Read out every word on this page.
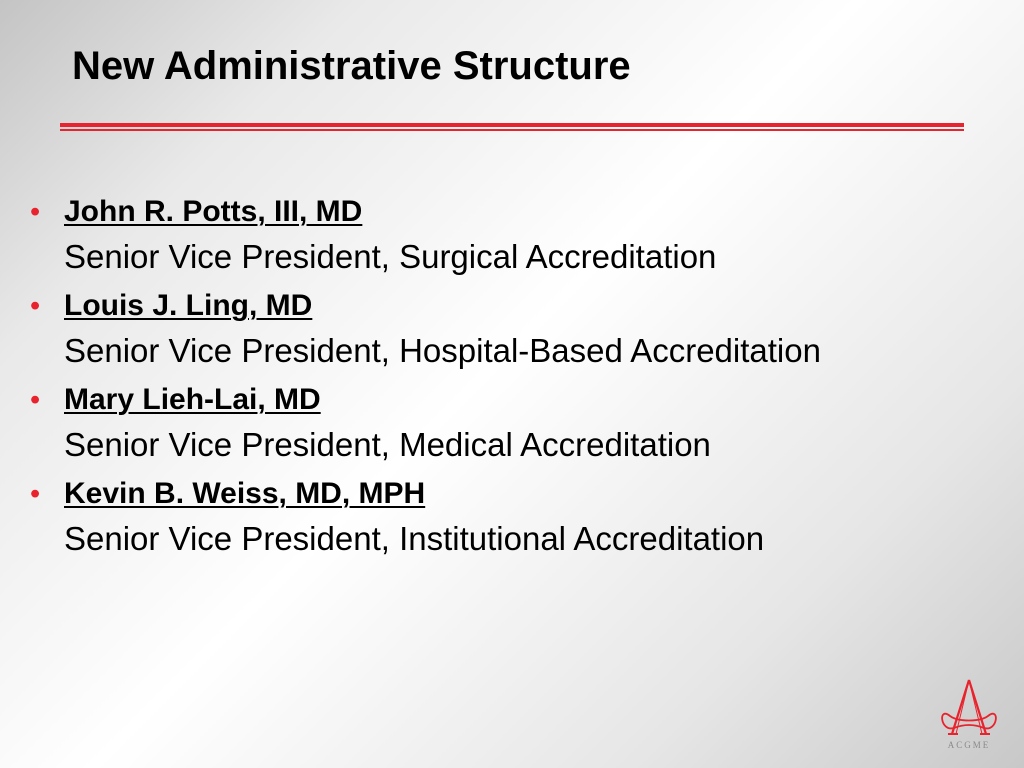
New Administrative Structure
• John R. Potts, III, MD
Senior Vice President, Surgical Accreditation
• Louis J. Ling, MD
Senior Vice President, Hospital-Based Accreditation
• Mary Lieh-Lai, MD
Senior Vice President, Medical Accreditation
• Kevin B. Weiss, MD, MPH
Senior Vice President, Institutional Accreditation
ACGME
